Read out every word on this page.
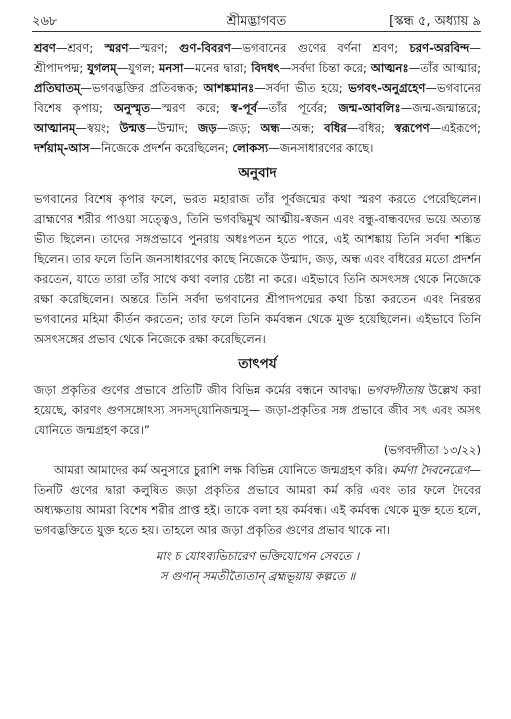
২৬৮	শ্রীমদ্ভাগবত	[স্কন্ধ ৫, অধ্যায় ৯

শ্রবণ—শ্রবণ; স্মরণ—স্মরণ; গুণ-বিবরণ—ভগবানের গুণের বর্ণনা শ্রবণ; চরণ-অরবিন্দ—শ্রীপাদপদ্ম; যুগলম্—যুগল; মনসা—মনের দ্বারা; বিদধৎ—সর্বদা চিন্তা করে; আত্মনঃ—তাঁর আত্মার; প্রতিঘাতম্—ভগবদ্ভক্তির প্রতিবন্ধক; আশঙ্কমানঃ—সর্বদা ভীত হয়ে; ভগবৎ-অনুগ্রহেণ—ভগবানের বিশেষ কৃপায়; অনুস্মৃত—স্মরণ করে; স্ব-পূর্ব—তাঁর পূর্বের; জন্ম-আবলিঃ—জন্ম-জন্মান্তরে; আত্মানম্—স্বয়ং; উন্মত্ত—উন্মাদ; জড়—জড়; অন্ধ—অন্ধ; বধির—বধির; স্বরূপেণ—এইরূপে; দর্শয়াম্-আস—নিজেকে প্রদর্শন করেছিলেন; লোকস্য—জনসাধারণের কাছে।

অনুবাদ

ভগবানের বিশেষ কৃপার ফলে, ভরত মহারাজ তাঁর পূর্বজন্মের কথা স্মরণ করতে পেরেছিলেন। ব্রাহ্মণের শরীর পাওয়া সত্ত্বেও, তিনি ভগবদ্বিমুখ আত্মীয়-স্বজন এবং বন্ধু-বান্ধবদের ভয়ে অত্যন্ত ভীত ছিলেন। তাদের সঙ্গপ্রভাবে পুনরায় অধঃপতন হতে পারে, এই আশঙ্কায় তিনি সর্বদা শঙ্কিত ছিলেন। তার ফলে তিনি জনসাধারণের কাছে নিজেকে উন্মাদ, জড়, অন্ধ এবং বধিরের মতো প্রদর্শন করতেন, যাতে তারা তাঁর সাথে কথা বলার চেষ্টা না করে। এইভাবে তিনি অসৎসঙ্গ থেকে নিজেকে রক্ষা করেছিলেন। অন্তরে তিনি সর্বদা ভগবানের শ্রীপাদপদ্মের কথা চিন্তা করতেন এবং নিরন্তর ভগবানের মহিমা কীর্তন করতেন; তার ফলে তিনি কর্মবন্ধন থেকে মুক্ত হয়েছিলেন। এইভাবে তিনি অসৎসঙ্গের প্রভাব থেকে নিজেকে রক্ষা করেছিলেন।

তাৎপর্য

জড়া প্রকৃতির গুণের প্রভাবে প্রতিটি জীব বিভিন্ন কর্মের বন্ধনে আবদ্ধ। ভগবদ্গীতায় উল্লেখ করা হয়েছে, কারণং গুণসঙ্গোঽস্য সদসদ্‌যোনিজন্মসু— জড়া-প্রকৃতির সঙ্গ প্রভাবে জীব সৎ এবং অসৎ যোনিতে জন্মগ্রহণ করে।”

(ভগবদ্গীতা ১৩/২২)

আমরা আমাদের কর্ম অনুসারে চুরাশি লক্ষ বিভিন্ন যোনিতে জন্মগ্রহণ করি। কর্মণা দৈবনেত্রেণ—তিনটি গুণের দ্বারা কলুষিত জড়া প্রকৃতির প্রভাবে আমরা কর্ম করি এবং তার ফলে দৈবের অধ্যক্ষতায় আমরা বিশেষ শরীর প্রাপ্ত হই। তাকে বলা হয় কর্মবন্ধ। এই কর্মবন্ধ থেকে মুক্ত হতে হলে, ভগবদ্ভক্তিতে যুক্ত হতে হয়। তাহলে আর জড়া প্রকৃতির গুণের প্রভাব থাকে না।

মাং চ যোঽব্যভিচারেণ ভক্তিযোগেন সেবতে ।
স গুণান্ সমতীত্যৈতান্ ব্রহ্মভূয়ায় কল্পতে ॥
